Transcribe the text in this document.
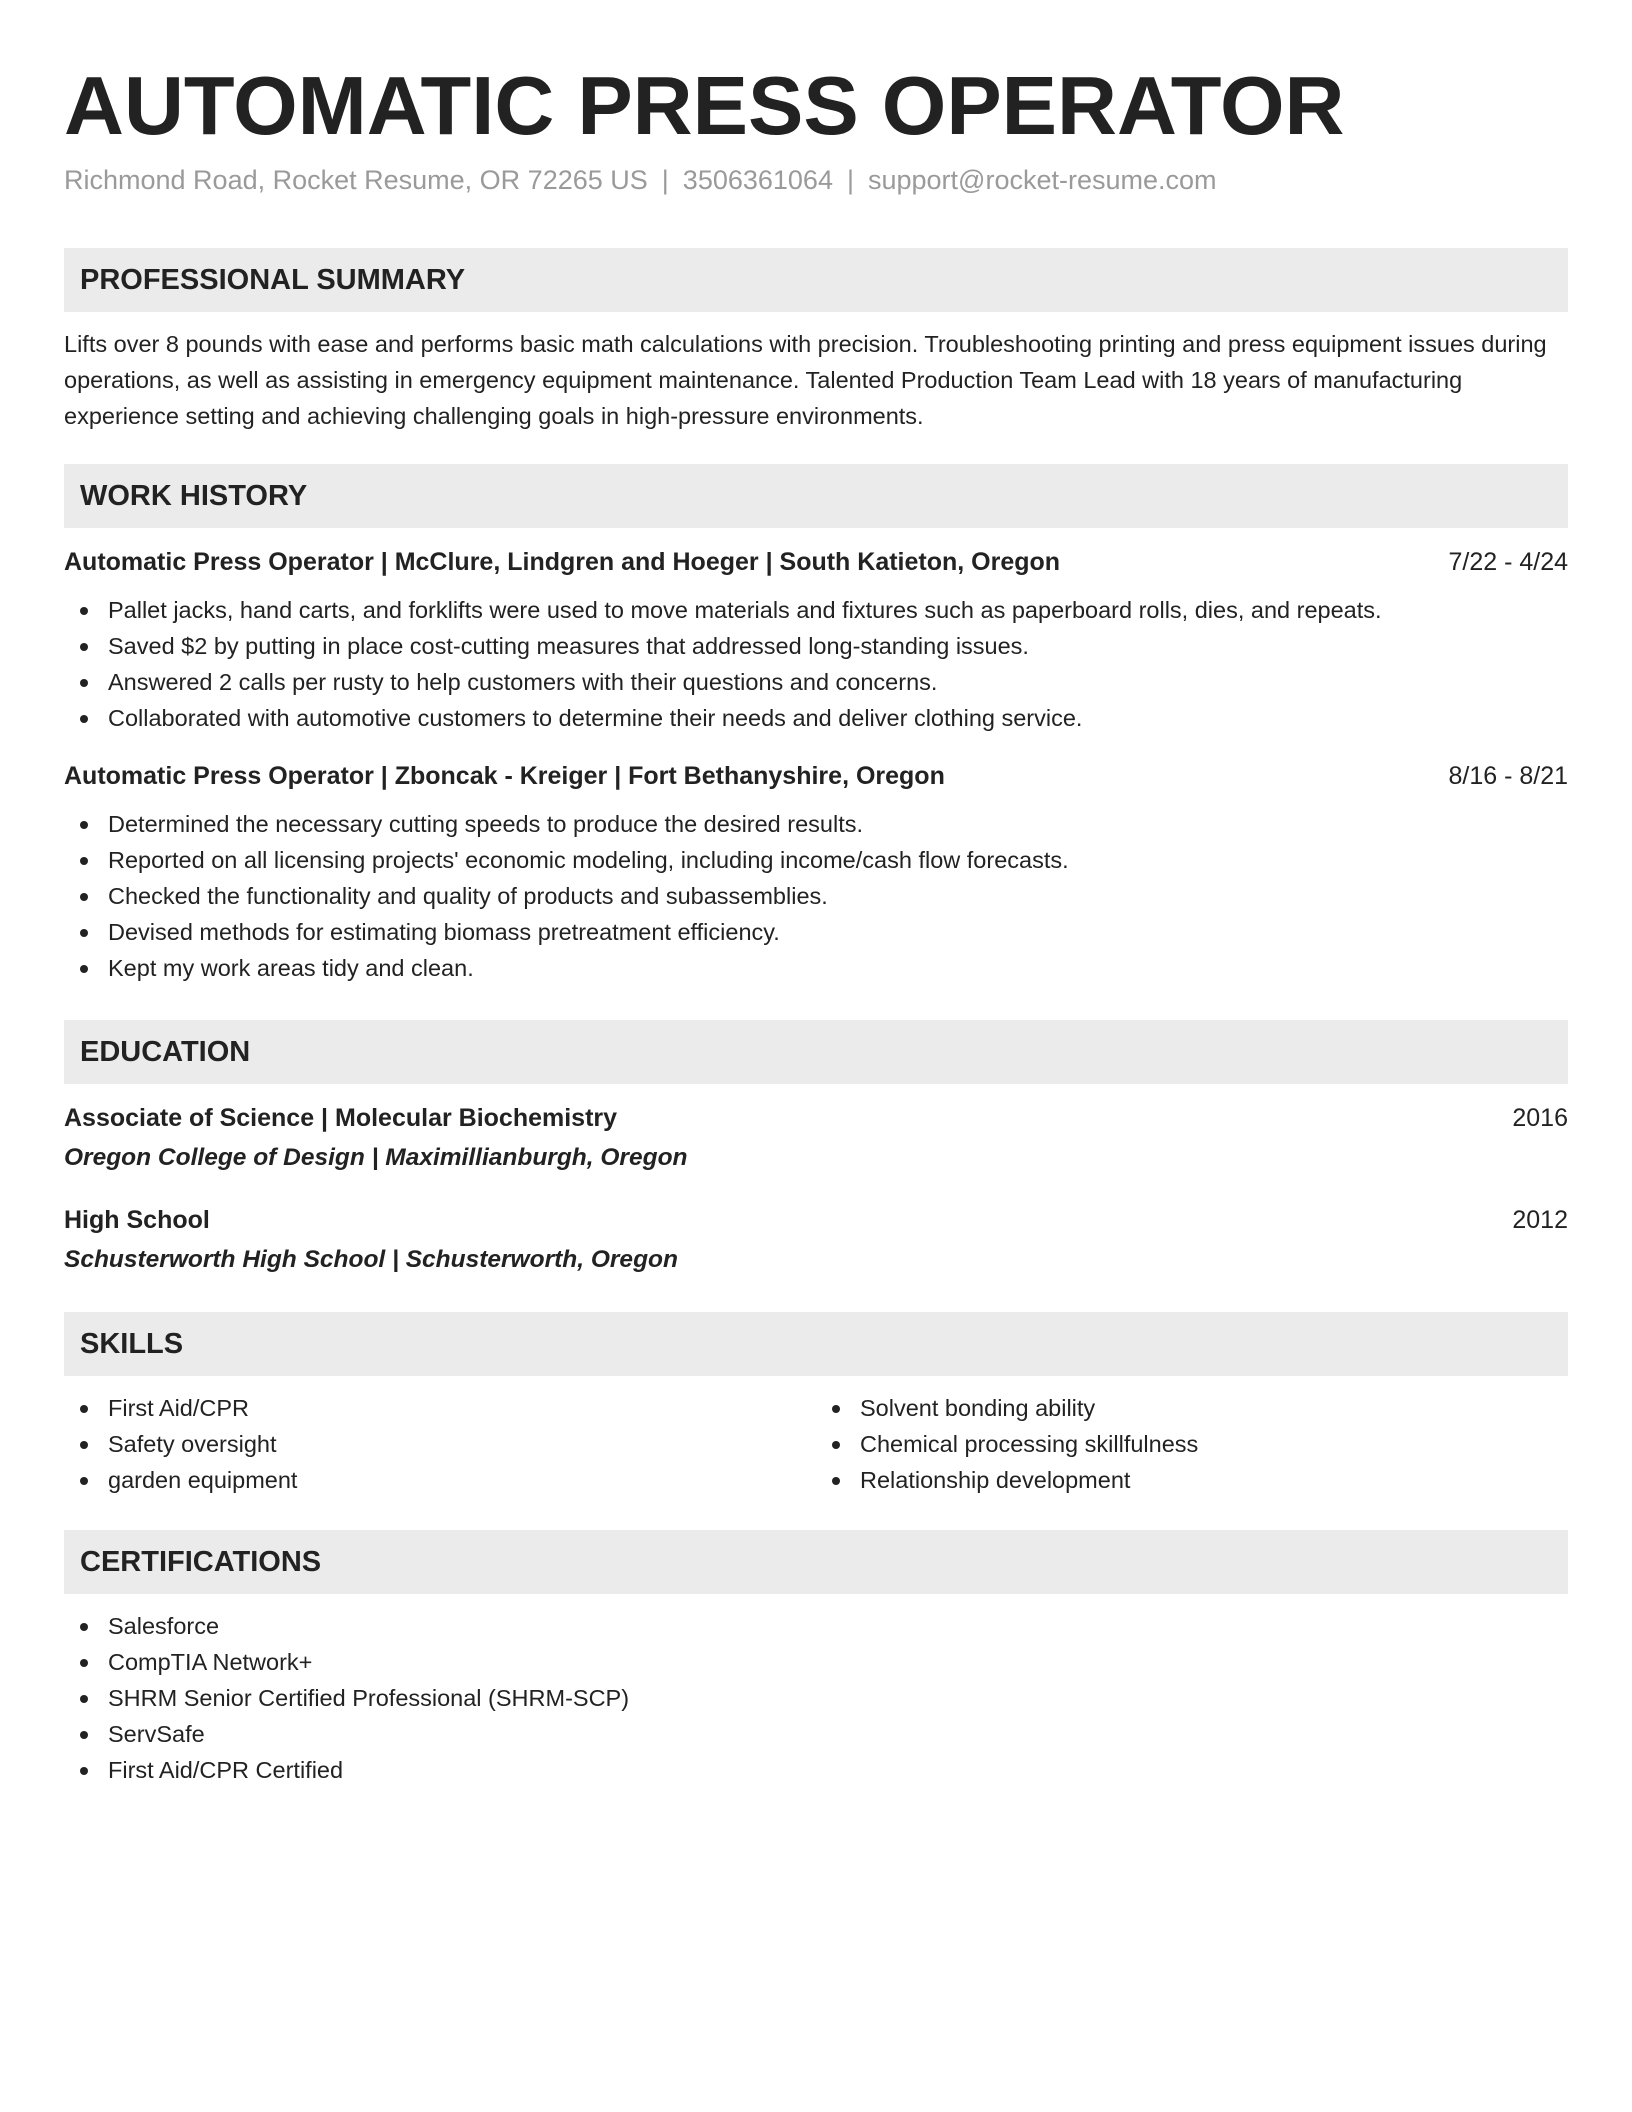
AUTOMATIC PRESS OPERATOR
Richmond Road, Rocket Resume, OR 72265 US | 3506361064 | support@rocket-resume.com
PROFESSIONAL SUMMARY

Lifts over 8 pounds with ease and performs basic math calculations with precision. Troubleshooting printing and press equipment issues during operations, as well as assisting in emergency equipment maintenance. Talented Production Team Lead with 18 years of manufacturing experience setting and achieving challenging goals in high-pressure environments.

WORK HISTORY
Automatic Press Operator | McClure, Lindgren and Hoeger | South Katieton, Oregon	7/22 - 4/24
Pallet jacks, hand carts, and forklifts were used to move materials and fixtures such as paperboard rolls, dies, and repeats.
Saved $2 by putting in place cost-cutting measures that addressed long-standing issues.
Answered 2 calls per rusty to help customers with their questions and concerns.
Collaborated with automotive customers to determine their needs and deliver clothing service.
Automatic Press Operator | Zboncak - Kreiger | Fort Bethanyshire, Oregon	8/16 - 8/21
Determined the necessary cutting speeds to produce the desired results.
Reported on all licensing projects' economic modeling, including income/cash flow forecasts.
Checked the functionality and quality of products and subassemblies.
Devised methods for estimating biomass pretreatment efficiency.
Kept my work areas tidy and clean.
EDUCATION
Associate of Science | Molecular Biochemistry	2016
Oregon College of Design | Maximillianburgh, Oregon
High School	2012
Schusterworth High School | Schusterworth, Oregon
SKILLS
First Aid/CPR
Safety oversight
garden equipment
Solvent bonding ability
Chemical processing skillfulness
Relationship development
CERTIFICATIONS
Salesforce
CompTIA Network+
SHRM Senior Certified Professional (SHRM-SCP)
ServSafe
First Aid/CPR Certified
